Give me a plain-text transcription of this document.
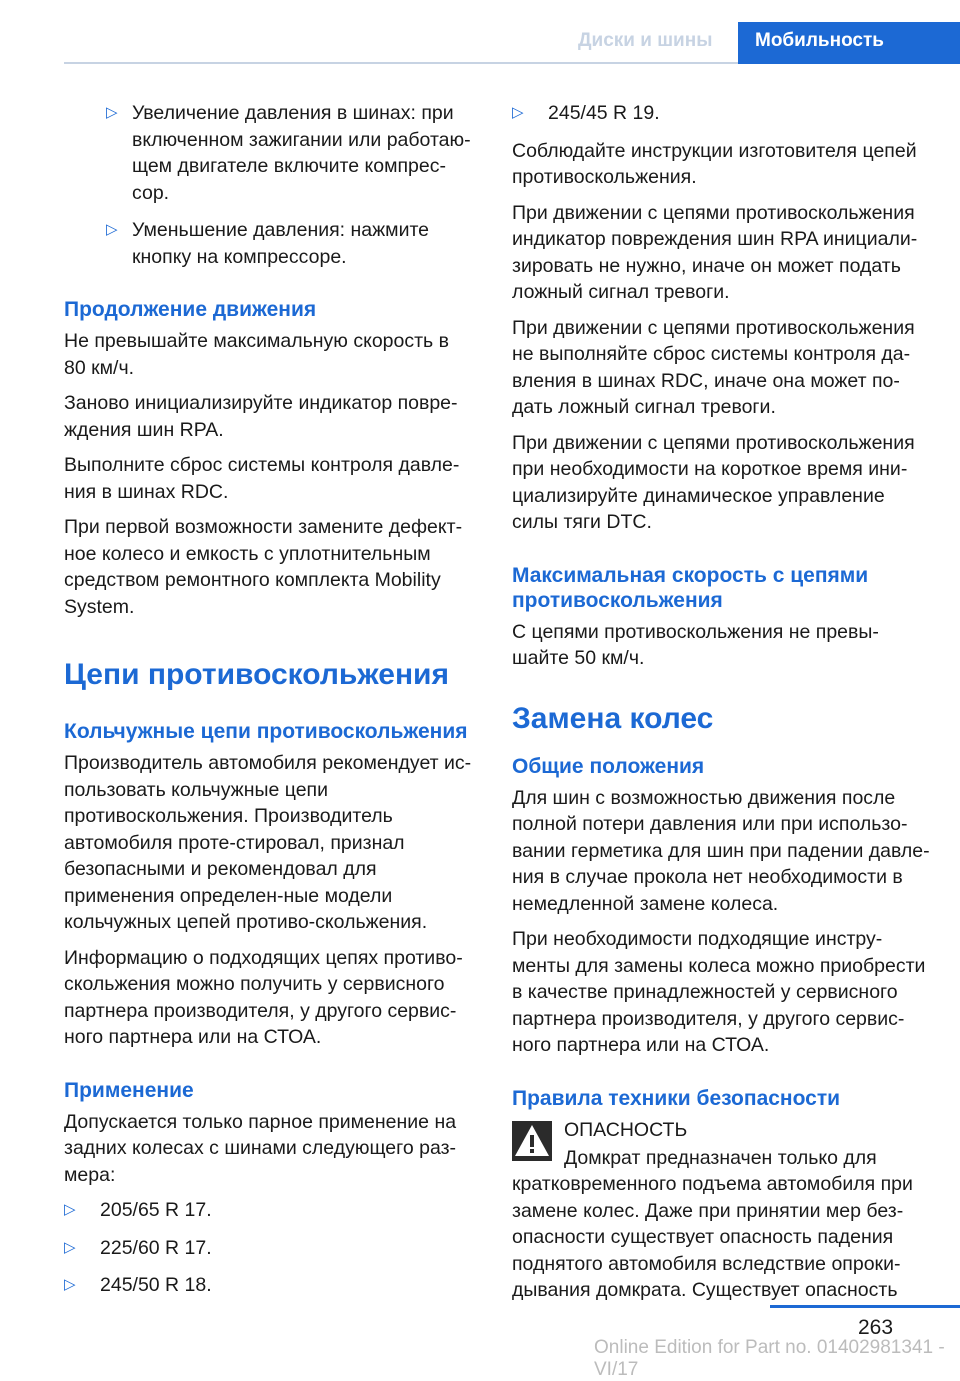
Диски и шины Мобильность
▷ Увеличение давления в шинах: при включенном зажигании или работаю-щем двигателе включите компрес-сор.
▷ Уменьшение давления: нажмите кнопку на компрессоре.
Продолжение движения

Не превышайте максимальную скорость в 80 км/ч.

Заново инициализируйте индикатор повре-ждения шин RPA.

Выполните сброс системы контроля давле-ния в шинах RDC.

При первой возможности замените дефект-ное колесо и емкость с уплотнительным средством ремонтного комплекта Mobility System.

Цепи противоскольжения
Кольчужные цепи противоскольжения

Производитель автомобиля рекомендует ис-пользовать кольчужные цепи противоскольжения. Производитель автомобиля проте-стировал, признал безопасными и рекомендовал для применения определен-ные модели кольчужных цепей противо-скольжения.

Информацию о подходящих цепях противо-скольжения можно получить у сервисного партнера производителя, у другого сервис-ного партнера или на СТОА.

Применение

Допускается только парное применение на задних колесах с шинами следующего раз-мера:

▷ 205/65 R 17.
▷ 225/60 R 17.
▷ 245/50 R 18.
▷ 245/45 R 19.

Соблюдайте инструкции изготовителя цепей противоскольжения.

При движении с цепями противоскольжения индикатор повреждения шин RPA инициали-зировать не нужно, иначе он может подать ложный сигнал тревоги.

При движении с цепями противоскольжения не выполняйте сброс системы контроля да-вления в шинах RDC, иначе она может по-дать ложный сигнал тревоги.

При движении с цепями противоскольжения при необходимости на короткое время ини-циализируйте динамическое управление силы тяги DTC.

Максимальная скорость с цепями противоскольжения

С цепями противоскольжения не превы-шайте 50 км/ч.

Замена колес
Общие положения

Для шин с возможностью движения после полной потери давления или при использо-вании герметика для шин при падении давле-ния в случае прокола нет необходимости в немедленной замене колеса.

При необходимости подходящие инстру-менты для замены колеса можно приобрести в качестве принадлежностей у сервисного партнера производителя, у другого сервис-ного партнера или на СТОА.

Правила техники безопасности

ОПАСНОСТЬ

Домкрат предназначен только для кратковременного подъема автомобиля при замене колес. Даже при принятии мер без-опасности существует опасность падения поднятого автомобиля вследствие опроки-дывания домкрата. Существует опасность

263
Online Edition for Part no. 01402981341 - VI/17
